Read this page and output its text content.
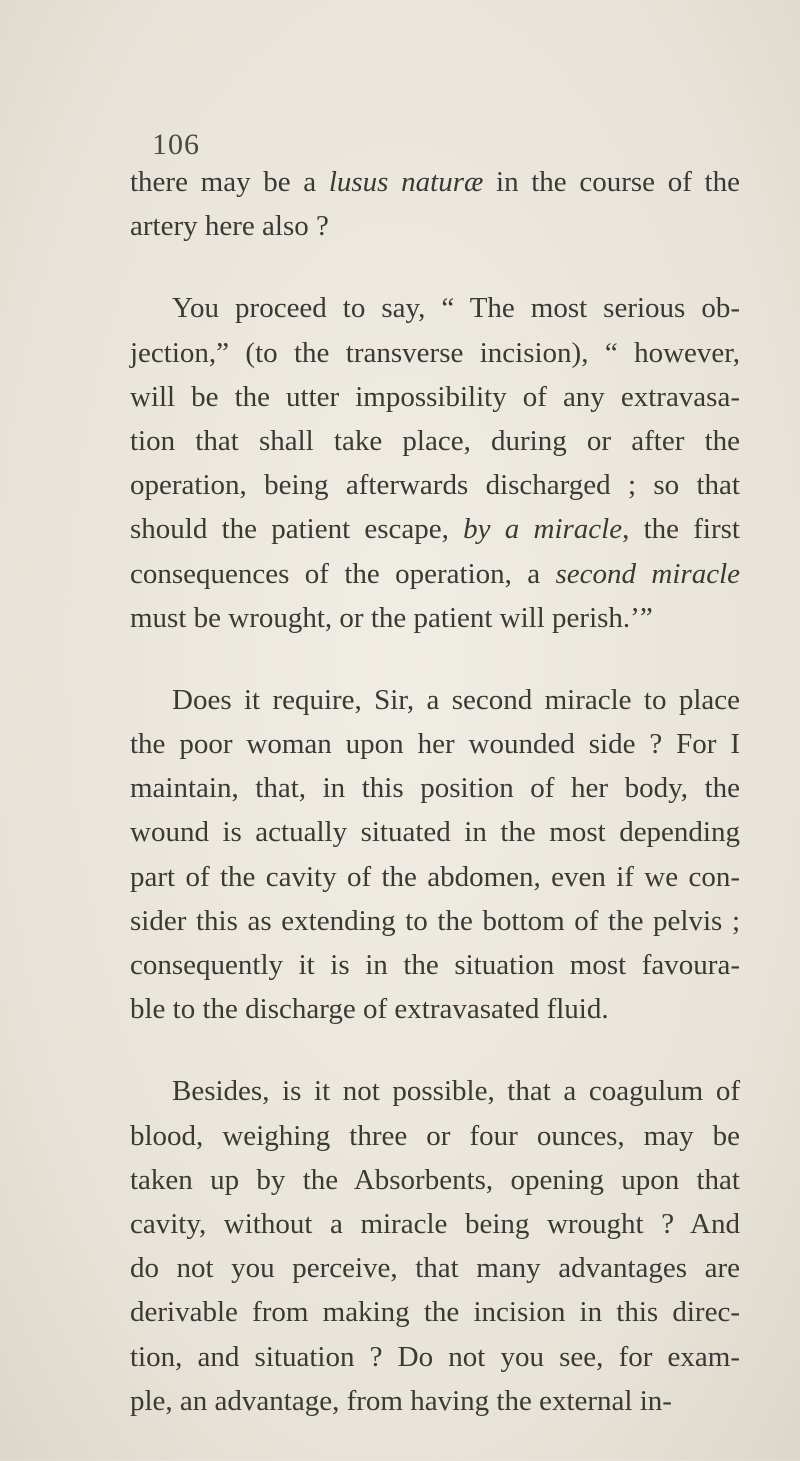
106
there may be a lusus naturæ in the course of the
artery here also ?
You proceed to say, “ The most serious ob-
jection,” (to the transverse incision), “ however,
will be the utter impossibility of any extravasa-
tion that shall take place, during or after the
operation, being afterwards discharged ; so that
should the patient escape, by a miracle, the first
consequences of the operation, a second miracle
must be wrought, or the patient will perish.’”
Does it require, Sir, a second miracle to place
the poor woman upon her wounded side ? For I
maintain, that, in this position of her body, the
wound is actually situated in the most depending
part of the cavity of the abdomen, even if we con-
sider this as extending to the bottom of the pelvis ;
consequently it is in the situation most favoura-
ble to the discharge of extravasated fluid.
Besides, is it not possible, that a coagulum of
blood, weighing three or four ounces, may be
taken up by the Absorbents, opening upon that
cavity, without a miracle being wrought ? And
do not you perceive, that many advantages are
derivable from making the incision in this direc-
tion, and situation ? Do not you see, for exam-
ple, an advantage, from having the external in-
